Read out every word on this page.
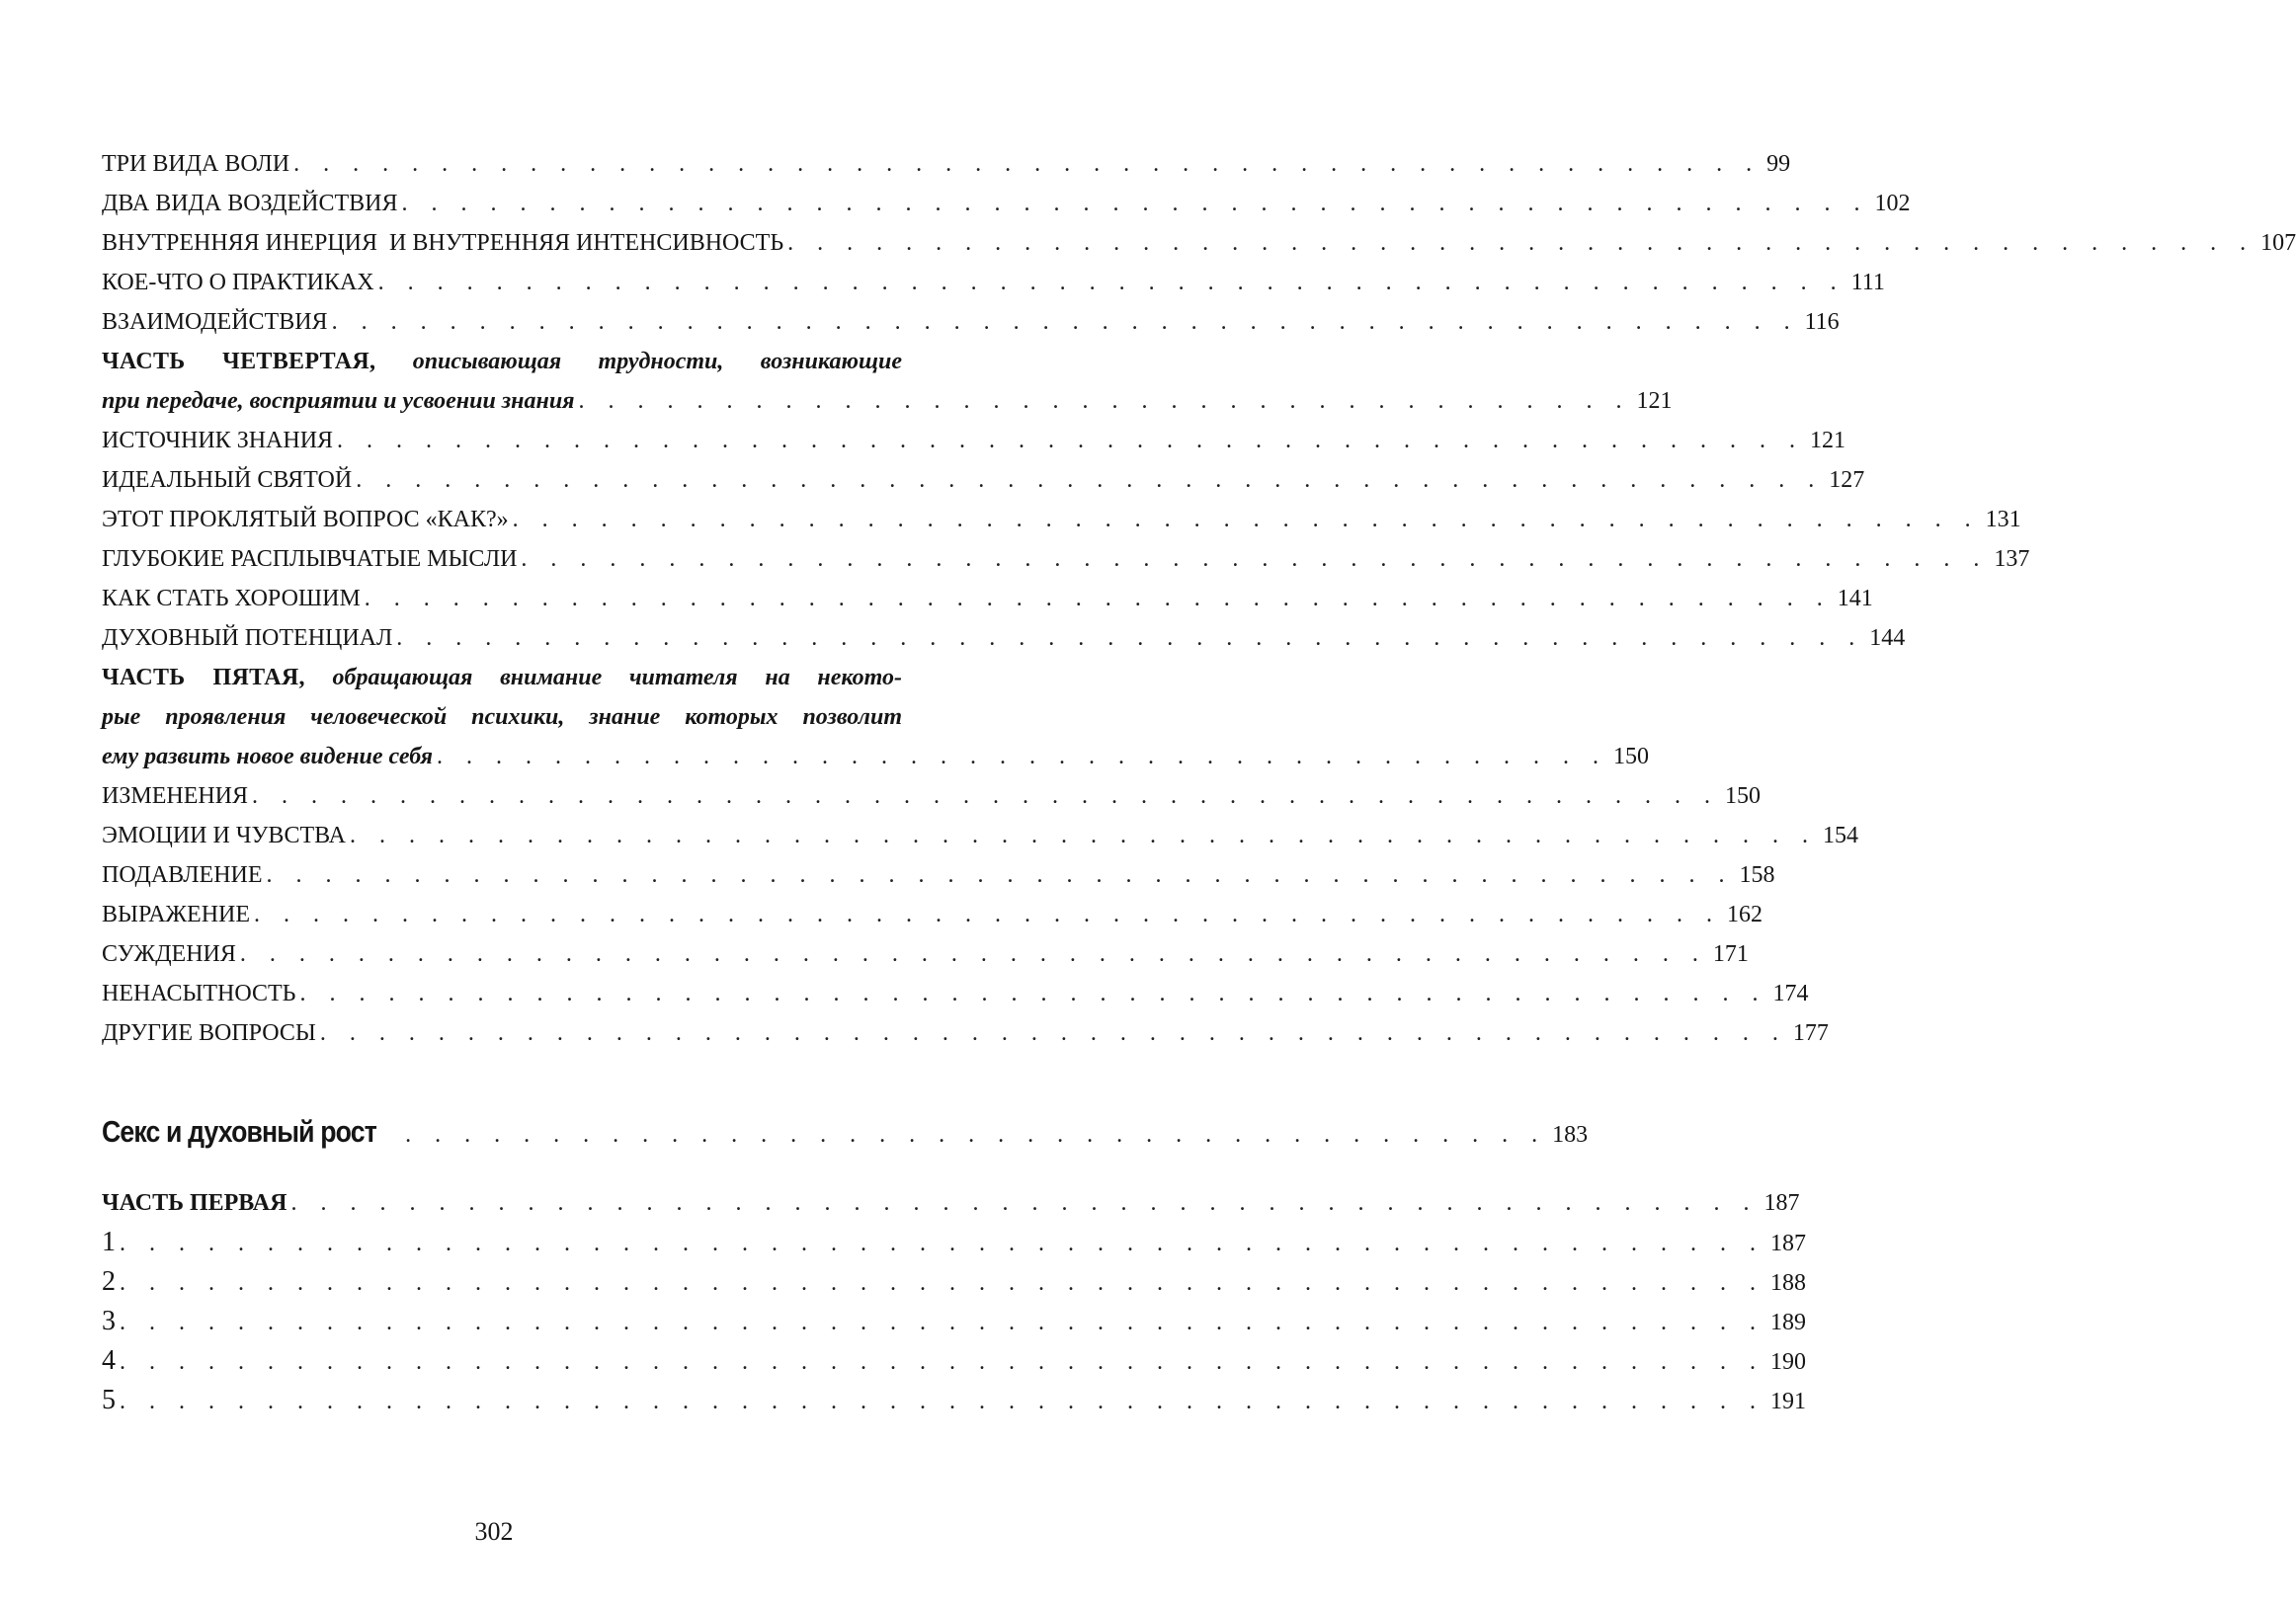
ТРИ ВИДА ВОЛИ . . . . . . . . . . . . . . . . . . . . . . . . . . . . . . . . . . . . . . . . . . . . . . . . . . 99
ДВА ВИДА ВОЗДЕЙСТВИЯ . . . . . . . . . . . . . . . . . . . . . . . . . . . . . . . . . . . . . . . . . . . . . . . . . . 102
ВНУТРЕННЯЯ ИНЕРЦИЯ  И ВНУТРЕННЯЯ ИНТЕНСИВНОСТЬ . . . . . . . . . . . . . . . . . . . . . . . . . . . . . . . . . . . . . . . . . . . . . . . . . . 107
КОЕ-ЧТО О ПРАКТИКАХ . . . . . . . . . . . . . . . . . . . . . . . . . . . . . . . . . . . . . . . . . . . . . . . . . . 111
ВЗАИМОДЕЙСТВИЯ . . . . . . . . . . . . . . . . . . . . . . . . . . . . . . . . . . . . . . . . . . . . . . . . . . 116
ЧАСТЬ ЧЕТВЕРТАЯ, описывающая трудности, возникающие
при передаче, восприятии и усвоении знания . . . . . . . . . . . . . . . . . . . . . . . . . . . . . . . . . . . . 121
ИСТОЧНИК ЗНАНИЯ . . . . . . . . . . . . . . . . . . . . . . . . . . . . . . . . . . . . . . . . . . . . . . . . . . 121
ИДЕАЛЬНЫЙ СВЯТОЙ . . . . . . . . . . . . . . . . . . . . . . . . . . . . . . . . . . . . . . . . . . . . . . . . . . 127
ЭТОТ ПРОКЛЯТЫЙ ВОПРОС «КАК?» . . . . . . . . . . . . . . . . . . . . . . . . . . . . . . . . . . . . . . . . . . . . . . . . . . 131
ГЛУБОКИЕ РАСПЛЫВЧАТЫЕ МЫСЛИ . . . . . . . . . . . . . . . . . . . . . . . . . . . . . . . . . . . . . . . . . . . . . . . . . . 137
КАК СТАТЬ ХОРОШИМ . . . . . . . . . . . . . . . . . . . . . . . . . . . . . . . . . . . . . . . . . . . . . . . . . . 141
ДУХОВНЫЙ ПОТЕНЦИАЛ . . . . . . . . . . . . . . . . . . . . . . . . . . . . . . . . . . . . . . . . . . . . . . . . . . 144
ЧАСТЬ ПЯТАЯ, обращающая внимание читателя на некото-
рые проявления человеческой психики, знание которых позволит
ему развить новое видение себя . . . . . . . . . . . . . . . . . . . . . . . . . . . . . . . . . . . . . . . . 150
ИЗМЕНЕНИЯ . . . . . . . . . . . . . . . . . . . . . . . . . . . . . . . . . . . . . . . . . . . . . . . . . . 150
ЭМОЦИИ И ЧУВСТВА . . . . . . . . . . . . . . . . . . . . . . . . . . . . . . . . . . . . . . . . . . . . . . . . . . 154
ПОДАВЛЕНИЕ . . . . . . . . . . . . . . . . . . . . . . . . . . . . . . . . . . . . . . . . . . . . . . . . . . 158
ВЫРАЖЕНИЕ . . . . . . . . . . . . . . . . . . . . . . . . . . . . . . . . . . . . . . . . . . . . . . . . . . 162
СУЖДЕНИЯ . . . . . . . . . . . . . . . . . . . . . . . . . . . . . . . . . . . . . . . . . . . . . . . . . . 171
НЕНАСЫТНОСТЬ . . . . . . . . . . . . . . . . . . . . . . . . . . . . . . . . . . . . . . . . . . . . . . . . . . 174
ДРУГИЕ ВОПРОСЫ . . . . . . . . . . . . . . . . . . . . . . . . . . . . . . . . . . . . . . . . . . . . . . . . . . 177
Секс и духовный рост . . . . . . . . . . . . . . . . . . . . . . . . . . . . . . . . . . . . . . . 183
ЧАСТЬ ПЕРВАЯ . . . . . . . . . . . . . . . . . . . . . . . . . . . . . . . . . . . . . . . . . . . . . . . . . . 187
1 . . . . . . . . . . . . . . . . . . . . . . . . . . . . . . . . . . . . . . . . . . . . . . . . . . . . . . . . 187
2 . . . . . . . . . . . . . . . . . . . . . . . . . . . . . . . . . . . . . . . . . . . . . . . . . . . . . . . . 188
3 . . . . . . . . . . . . . . . . . . . . . . . . . . . . . . . . . . . . . . . . . . . . . . . . . . . . . . . . 189
4 . . . . . . . . . . . . . . . . . . . . . . . . . . . . . . . . . . . . . . . . . . . . . . . . . . . . . . . . 190
5 . . . . . . . . . . . . . . . . . . . . . . . . . . . . . . . . . . . . . . . . . . . . . . . . . . . . . . . . 191
302
